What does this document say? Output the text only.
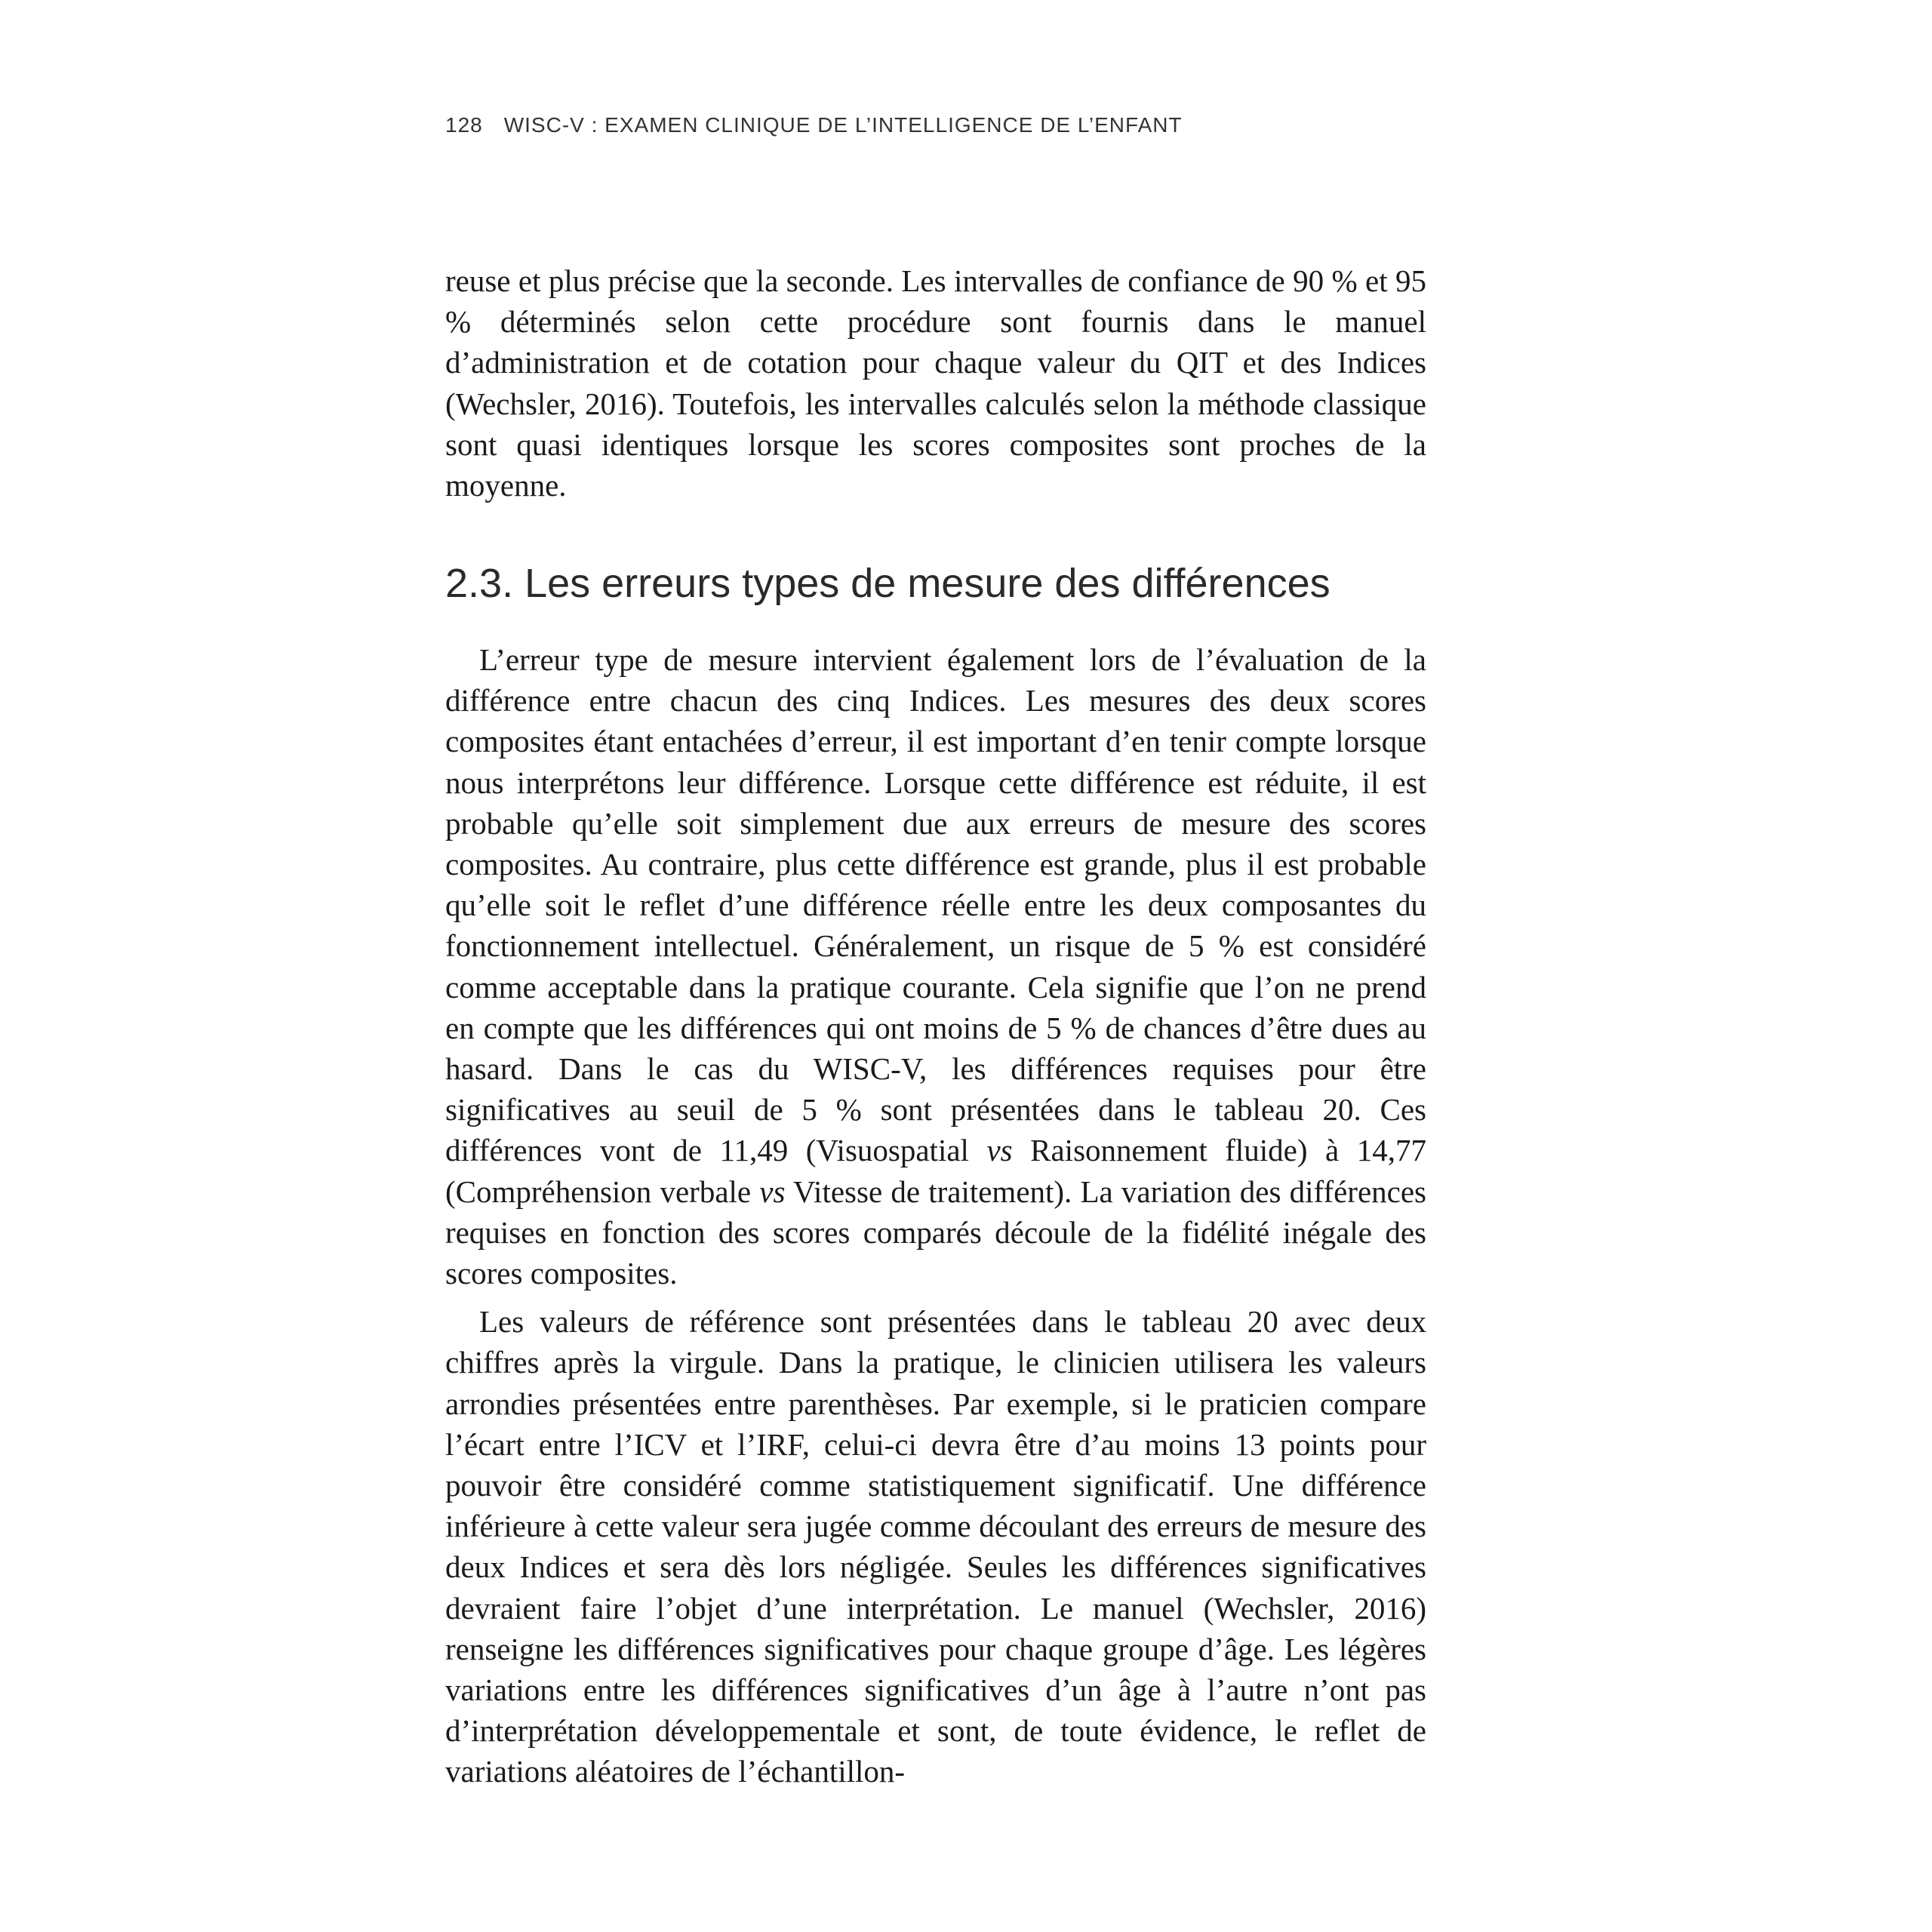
128 WISC-V : EXAMEN CLINIQUE DE L’INTELLIGENCE DE L’ENFANT

reuse et plus précise que la seconde. Les intervalles de confiance de 90 % et 95 % déterminés selon cette procédure sont fournis dans le manuel d’administration et de cotation pour chaque valeur du QIT et des Indices (Wechsler, 2016). Toutefois, les intervalles calculés selon la méthode classique sont quasi identiques lorsque les scores composites sont proches de la moyenne.

2.3. Les erreurs types de mesure des différences

L’erreur type de mesure intervient également lors de l’évaluation de la différence entre chacun des cinq Indices. Les mesures des deux scores composites étant entachées d’erreur, il est important d’en tenir compte lorsque nous interprétons leur différence. Lorsque cette différence est réduite, il est probable qu’elle soit simplement due aux erreurs de mesure des scores composites. Au contraire, plus cette différence est grande, plus il est probable qu’elle soit le reflet d’une différence réelle entre les deux composantes du fonctionnement intellectuel. Généralement, un risque de 5 % est considéré comme acceptable dans la pratique courante. Cela signifie que l’on ne prend en compte que les différences qui ont moins de 5 % de chances d’être dues au hasard. Dans le cas du WISC-V, les différences requises pour être significatives au seuil de 5 % sont présentées dans le tableau 20. Ces différences vont de 11,49 (Visuospatial vs Raisonnement fluide) à 14,77 (Compréhension verbale vs Vitesse de traitement). La variation des différences requises en fonction des scores comparés découle de la fidélité inégale des scores composites.

Les valeurs de référence sont présentées dans le tableau 20 avec deux chiffres après la virgule. Dans la pratique, le clinicien utilisera les valeurs arrondies présentées entre parenthèses. Par exemple, si le praticien compare l’écart entre l’ICV et l’IRF, celui-ci devra être d’au moins 13 points pour pouvoir être considéré comme statistiquement significatif. Une différence inférieure à cette valeur sera jugée comme découlant des erreurs de mesure des deux Indices et sera dès lors négligée. Seules les différences significatives devraient faire l’objet d’une interprétation. Le manuel (Wechsler, 2016) renseigne les différences significatives pour chaque groupe d’âge. Les légères variations entre les différences significatives d’un âge à l’autre n’ont pas d’interprétation développementale et sont, de toute évidence, le reflet de variations aléatoires de l’échantillon-
